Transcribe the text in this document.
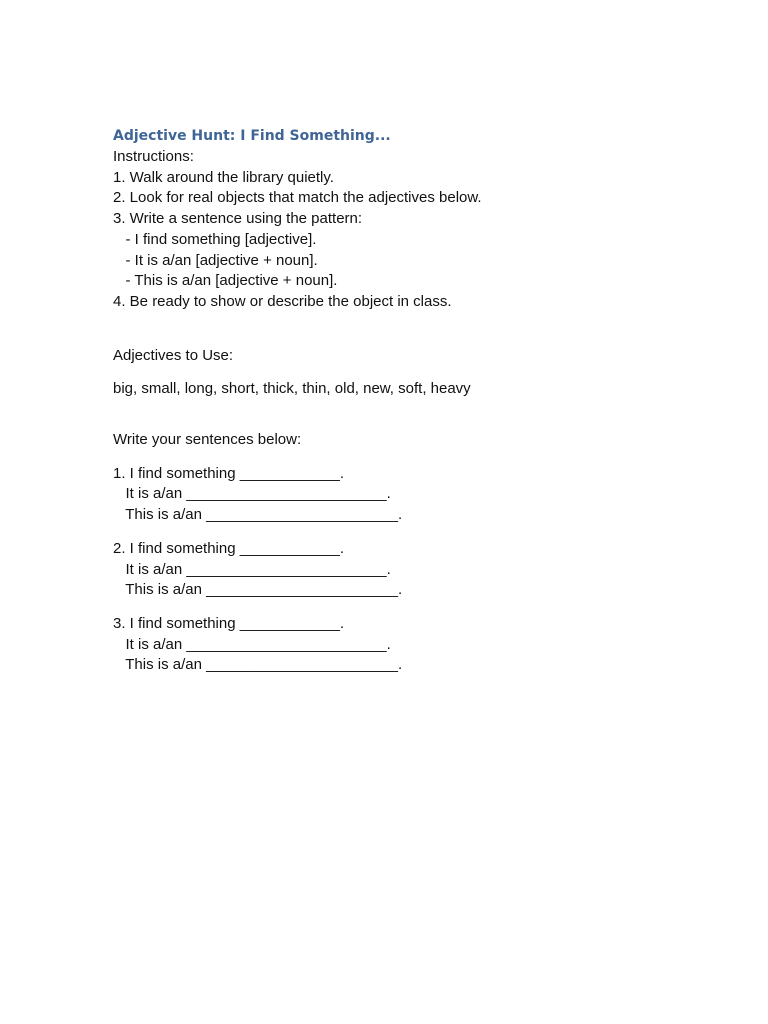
Adjective Hunt: I Find Something...
Instructions:
1. Walk around the library quietly.
2. Look for real objects that match the adjectives below.
3. Write a sentence using the pattern:
- I find something [adjective].
- It is a/an [adjective + noun].
- This is a/an [adjective + noun].
4. Be ready to show or describe the object in class.
Adjectives to Use:
big, small, long, short, thick, thin, old, new, soft, heavy
Write your sentences below:
1. I find something ____________.
It is a/an ________________________.
This is a/an _______________________.
2. I find something ____________.
It is a/an ________________________.
This is a/an _______________________.
3. I find something ____________.
It is a/an ________________________.
This is a/an _______________________.
